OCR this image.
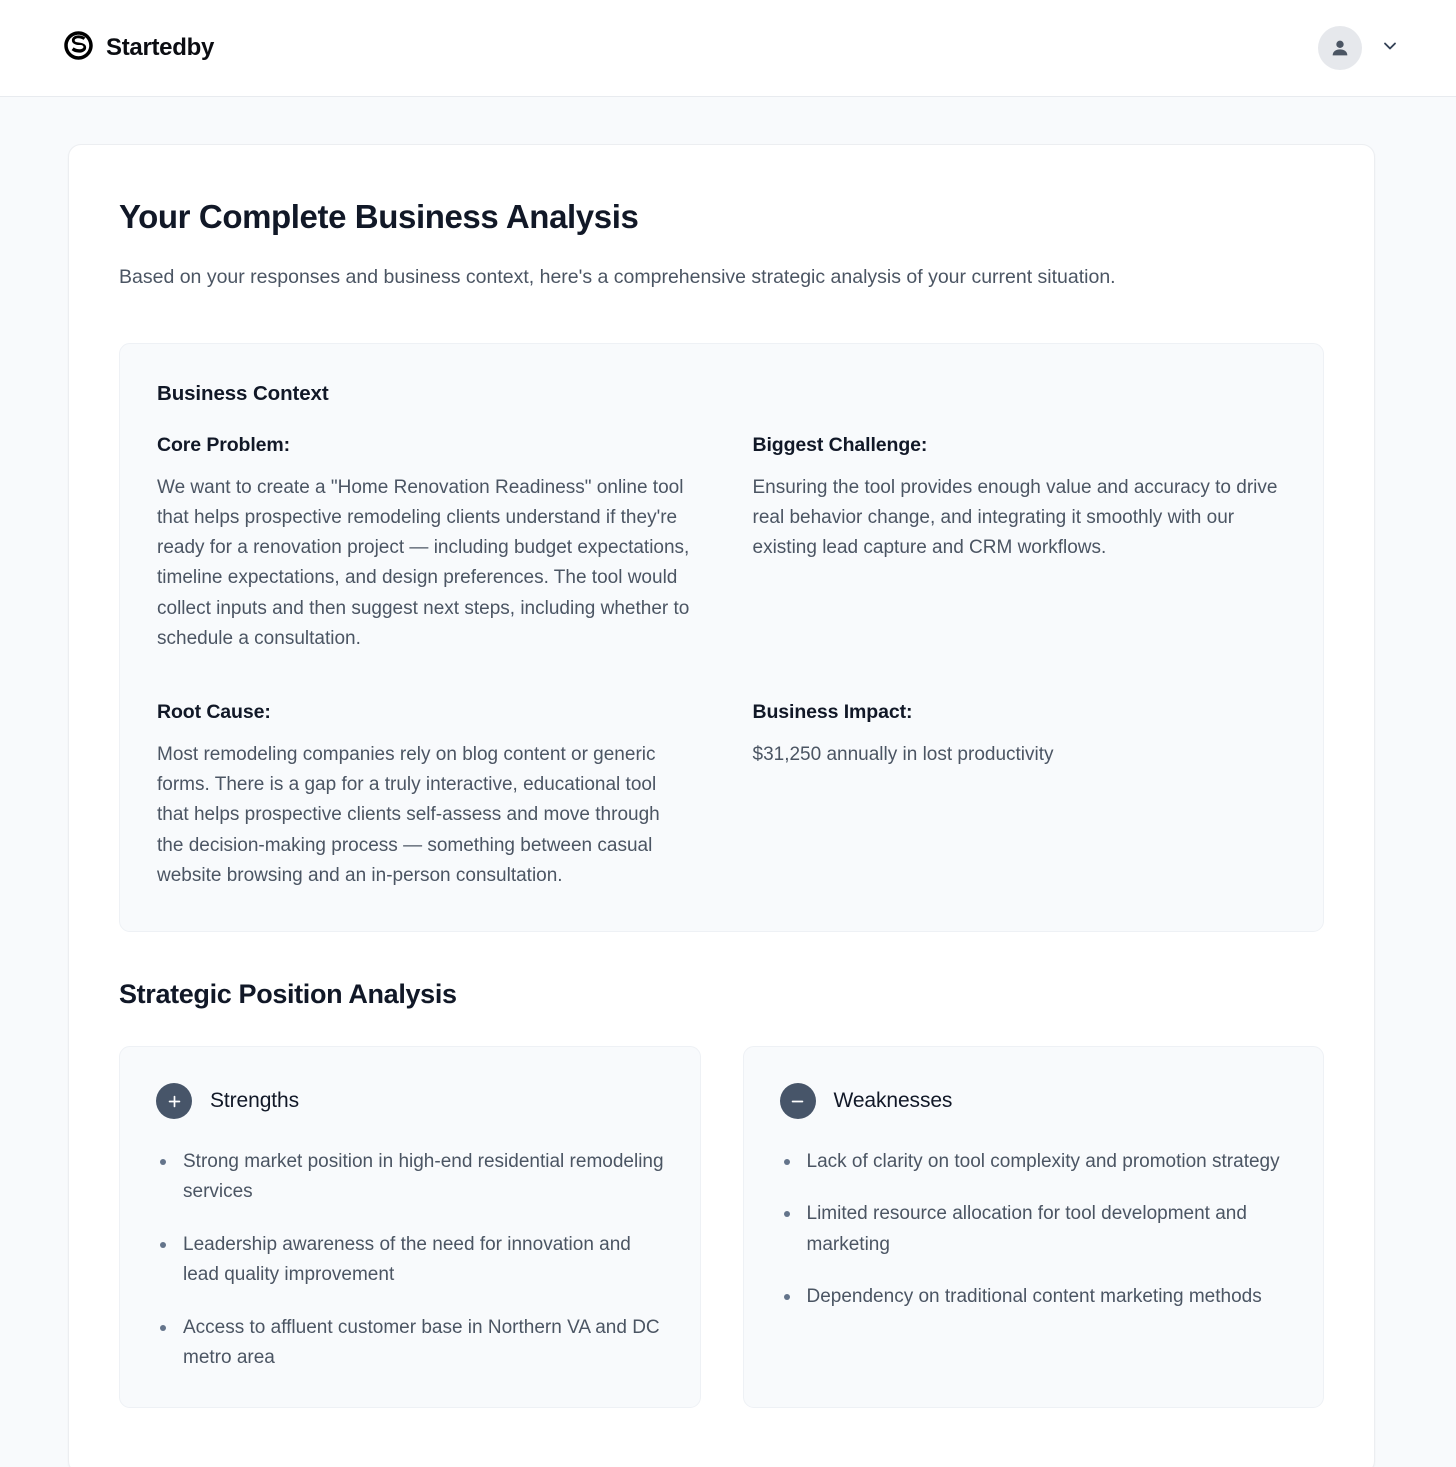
Startedby
Your Complete Business Analysis

Based on your responses and business context, here's a comprehensive strategic analysis of your current situation.

Business Context
Core Problem:
We want to create a "Home Renovation Readiness" online tool that helps prospective remodeling clients understand if they're ready for a renovation project — including budget expectations, timeline expectations, and design preferences. The tool would collect inputs and then suggest next steps, including whether to schedule a consultation.
Biggest Challenge:
Ensuring the tool provides enough value and accuracy to drive real behavior change, and integrating it smoothly with our existing lead capture and CRM workflows.
Root Cause:
Most remodeling companies rely on blog content or generic forms. There is a gap for a truly interactive, educational tool that helps prospective clients self-assess and move through the decision-making process — something between casual website browsing and an in-person consultation.
Business Impact:
$31,250 annually in lost productivity
Strategic Position Analysis
Strengths
Strong market position in high-end residential remodeling services
Leadership awareness of the need for innovation and lead quality improvement
Access to affluent customer base in Northern VA and DC metro area
Weaknesses
Lack of clarity on tool complexity and promotion strategy
Limited resource allocation for tool development and marketing
Dependency on traditional content marketing methods
